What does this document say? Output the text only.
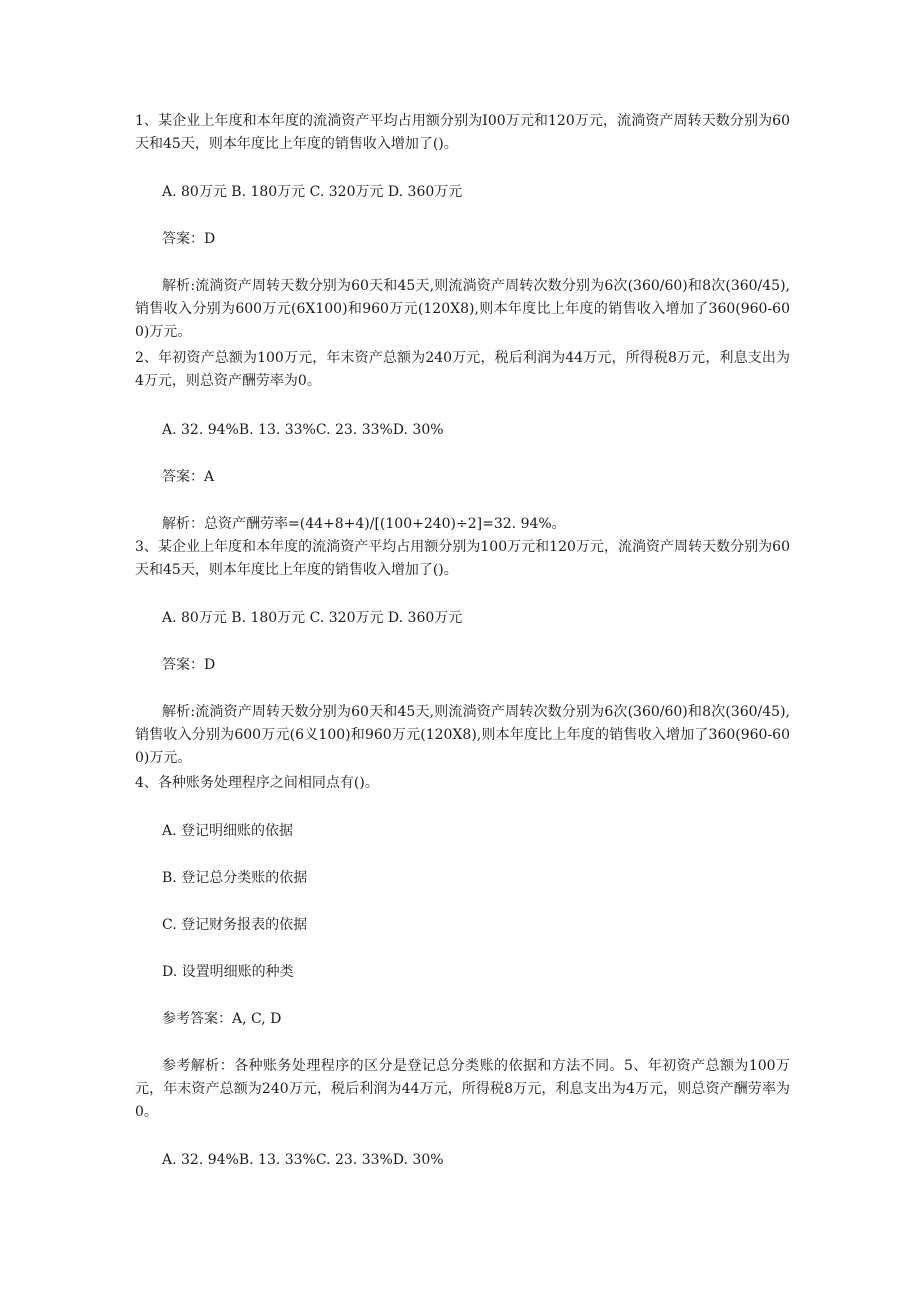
1、某企业上年度和本年度的流淌资产平均占用额分别为I00万元和120万元，流淌资产周转天数分别为60天和45天，则本年度比上年度的销售收入增加了()。

A. 80万元 B. 180万元 C. 320万元 D. 360万元

答案：D

解析:流淌资产周转天数分别为60天和45天,则流淌资产周转次数分别为6次(360/60)和8次(360/45),销售收入分别为600万元(6X100)和960万元(120X8),则本年度比上年度的销售收入增加了360(960-600)万元。

2、年初资产总额为100万元，年末资产总额为240万元，税后利润为44万元，所得税8万元，利息支出为4万元，则总资产酬劳率为0。

A. 32. 94%B. 13. 33%C. 23. 33%D. 30%

答案：A

解析：总资产酬劳率=(44+8+4)/[(100+240)÷2]=32. 94%。

3、某企业上年度和本年度的流淌资产平均占用额分别为100万元和120万元，流淌资产周转天数分别为60天和45天，则本年度比上年度的销售收入增加了()。

A. 80万元 B. 180万元 C. 320万元 D. 360万元

答案：D

解析:流淌资产周转天数分别为60天和45天,则流淌资产周转次数分别为6次(360/60)和8次(360/45),销售收入分别为600万元(6义100)和960万元(120X8),则本年度比上年度的销售收入增加了360(960-600)万元。

4、各种账务处理程序之间相同点有()。

A. 登记明细账的依据

B. 登记总分类账的依据

C. 登记财务报表的依据

D. 设置明细账的种类

参考答案：A, C, D

参考解析：各种账务处理程序的区分是登记总分类账的依据和方法不同。5、年初资产总额为100万元，年末资产总额为240万元，税后利润为44万元，所得税8万元，利息支出为4万元，则总资产酬劳率为0。

A. 32. 94%B. 13. 33%C. 23. 33%D. 30%
